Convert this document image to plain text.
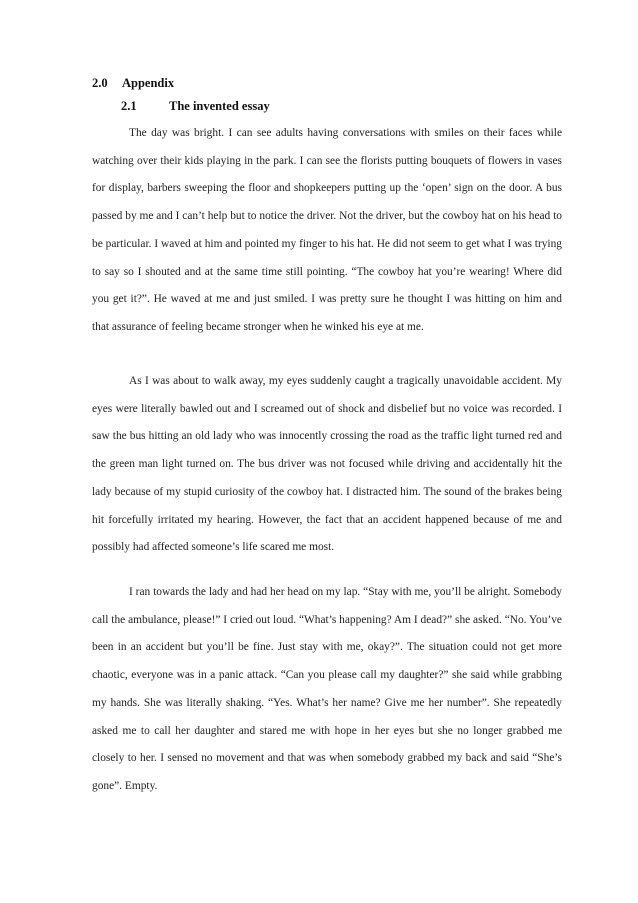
2.0 Appendix
2.1	The invented essay

The day was bright. I can see adults having conversations with smiles on their faces while watching over their kids playing in the park. I can see the florists putting bouquets of flowers in vases for display, barbers sweeping the floor and shopkeepers putting up the ‘open’ sign on the door. A bus passed by me and I can’t help but to notice the driver. Not the driver, but the cowboy hat on his head to be particular. I waved at him and pointed my finger to his hat. He did not seem to get what I was trying to say so I shouted and at the same time still pointing. “The cowboy hat you’re wearing! Where did you get it?”. He waved at me and just smiled. I was pretty sure he thought I was hitting on him and that assurance of feeling became stronger when he winked his eye at me.

As I was about to walk away, my eyes suddenly caught a tragically unavoidable accident. My eyes were literally bawled out and I screamed out of shock and disbelief but no voice was recorded. I saw the bus hitting an old lady who was innocently crossing the road as the traffic light turned red and the green man light turned on. The bus driver was not focused while driving and accidentally hit the lady because of my stupid curiosity of the cowboy hat. I distracted him. The sound of the brakes being hit forcefully irritated my hearing. However, the fact that an accident happened because of me and possibly had affected someone’s life scared me most.

I ran towards the lady and had her head on my lap. “Stay with me, you’ll be alright. Somebody call the ambulance, please!” I cried out loud. “What’s happening? Am I dead?” she asked. “No. You’ve been in an accident but you’ll be fine. Just stay with me, okay?”. The situation could not get more chaotic, everyone was in a panic attack. “Can you please call my daughter?” she said while grabbing my hands. She was literally shaking. “Yes. What’s her name? Give me her number”. She repeatedly asked me to call her daughter and stared me with hope in her eyes but she no longer grabbed me closely to her. I sensed no movement and that was when somebody grabbed my back and said “She’s gone”. Empty.
